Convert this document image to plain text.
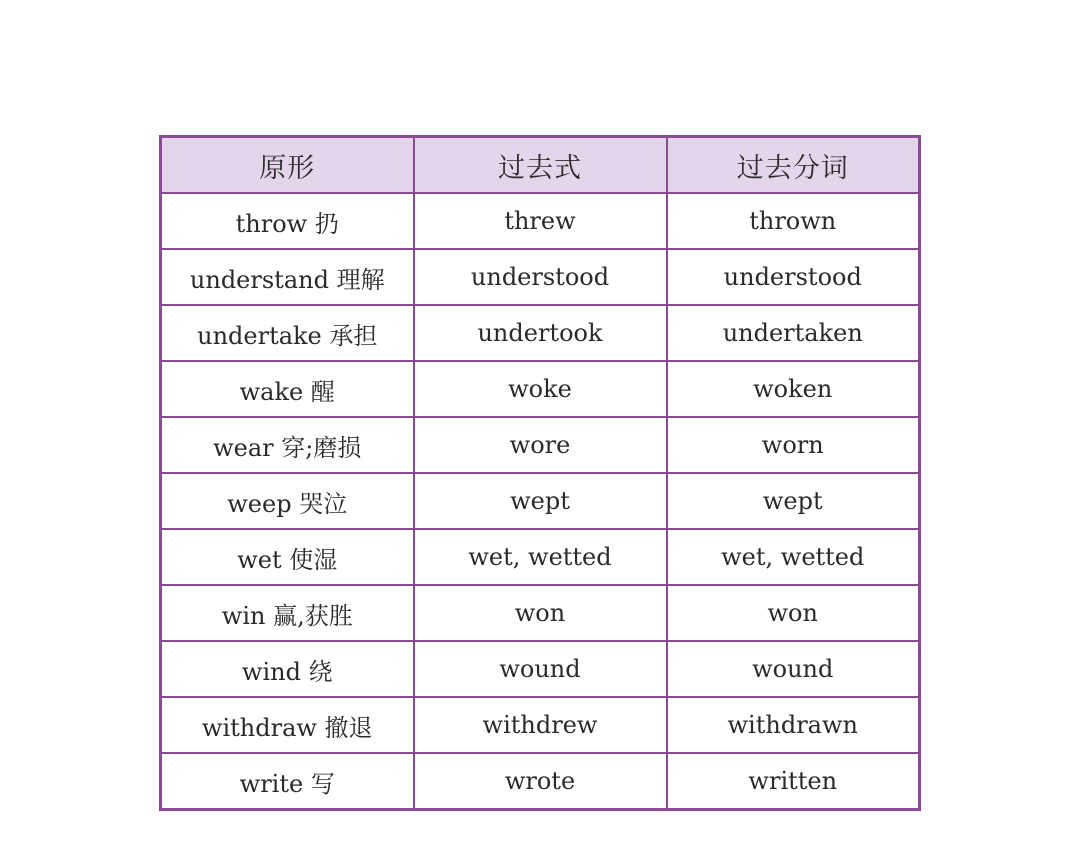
原形	过去式	过去分词
throw 扔	threw	thrown
understand 理解	understood	understood
undertake 承担	undertook	undertaken
wake 醒	woke	woken
wear 穿;磨损	wore	worn
weep 哭泣	wept	wept
wet 使湿	wet, wetted	wet, wetted
win 赢,获胜	won	won
wind 绕	wound	wound
withdraw 撤退	withdrew	withdrawn
write 写	wrote	written
